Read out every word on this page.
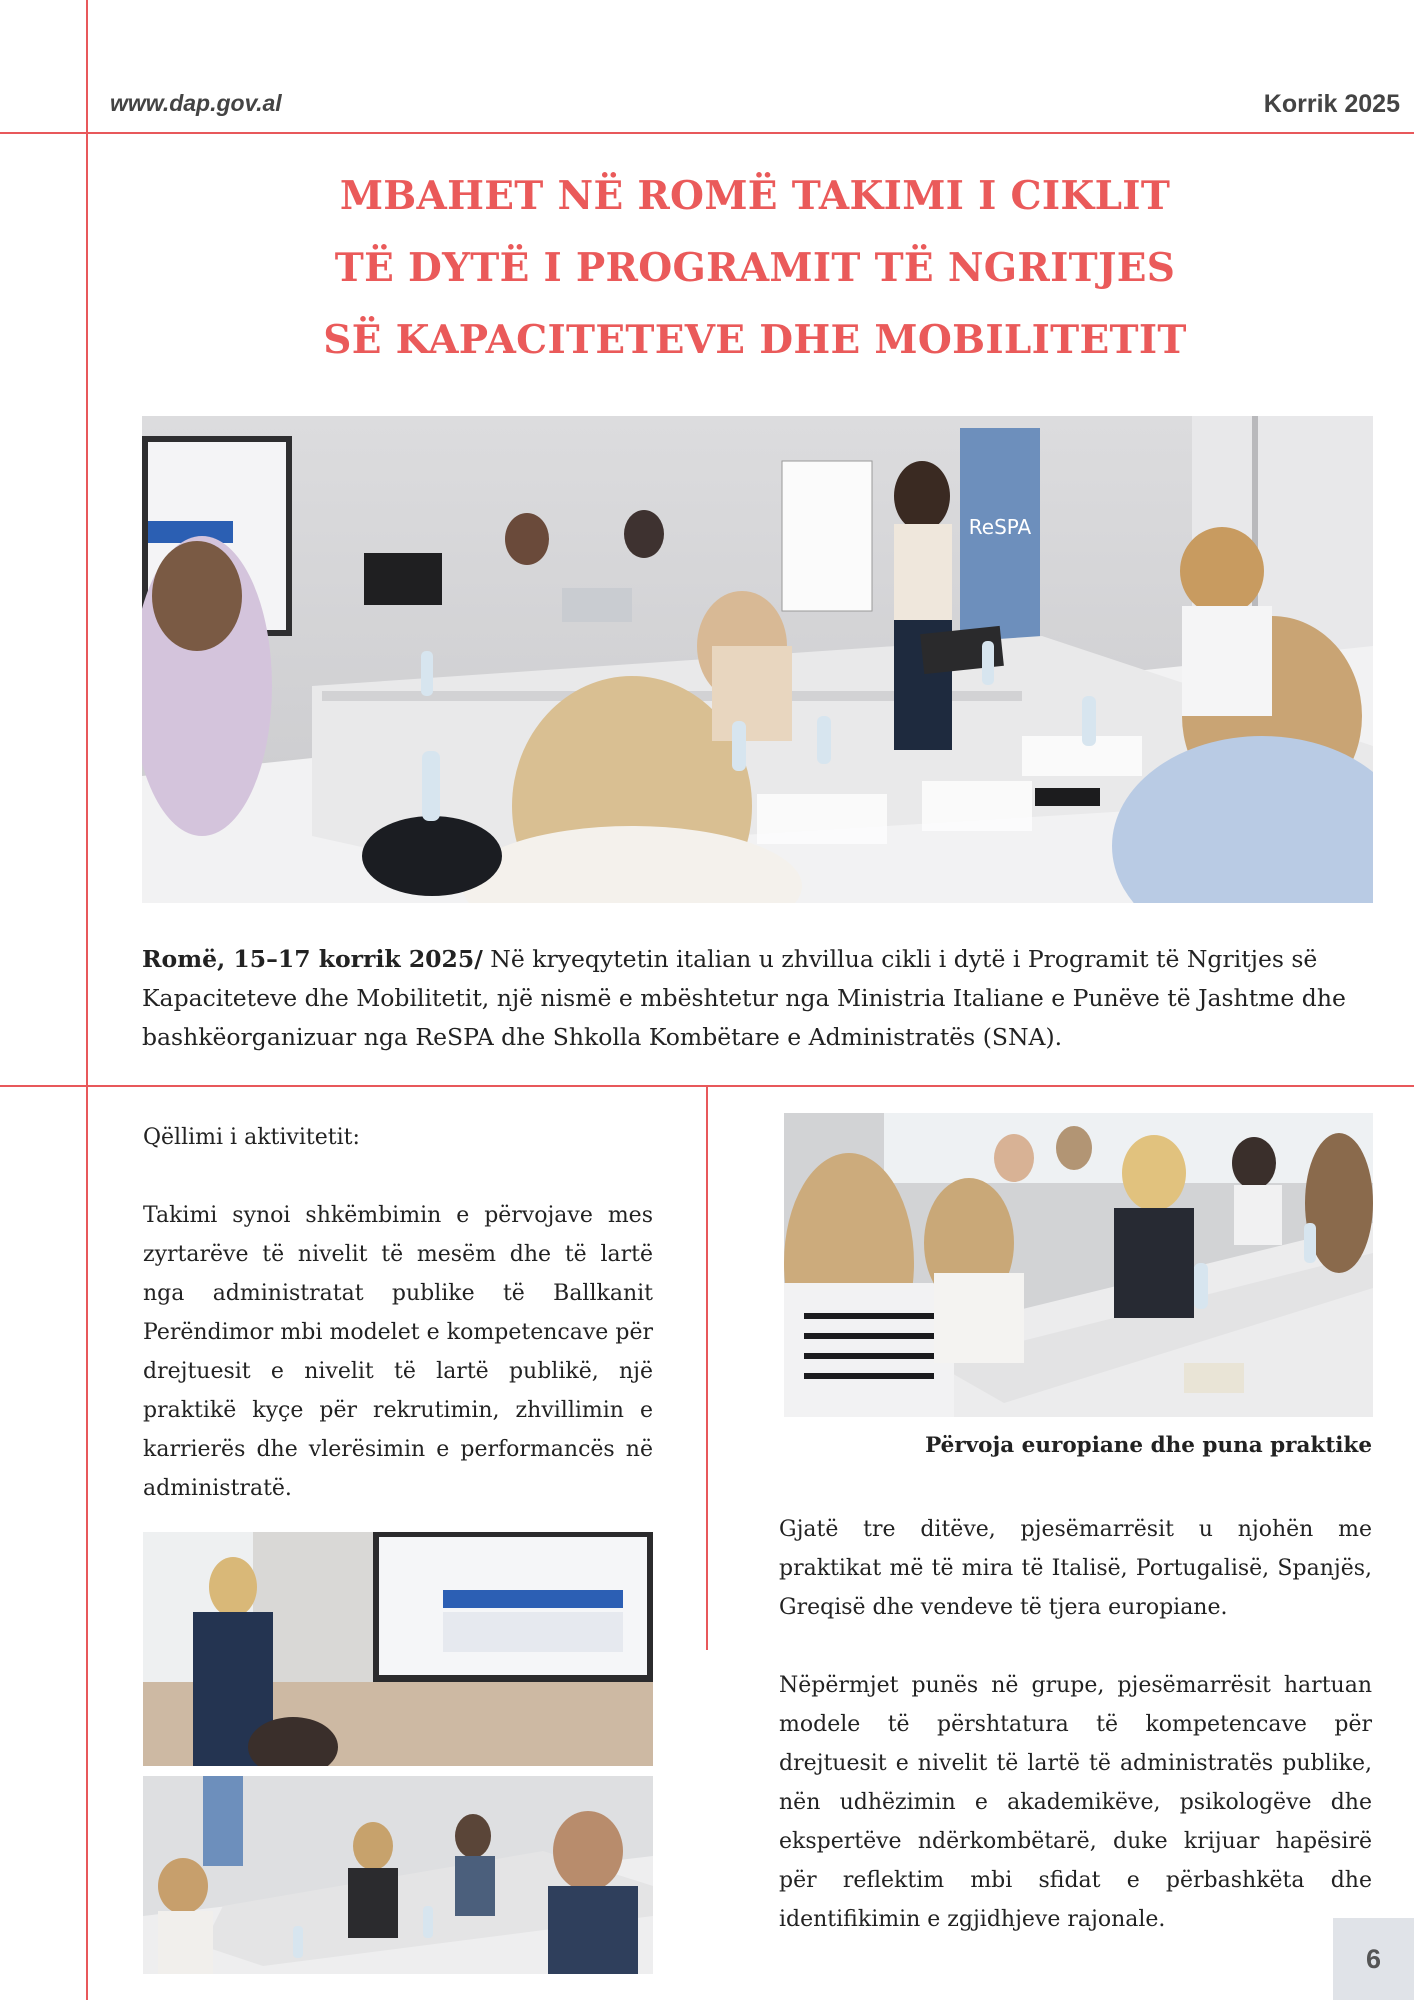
www.dap.gov.al	Korrik 2025
MBAHET NË ROMË TAKIMI I CIKLIT
TË DYTË I PROGRAMIT TË NGRITJES
SË KAPACITETEVE DHE MOBILITETIT
ReSPA
Romë, 15–17 korrik 2025/ Në kryeqytetin italian u zhvillua cikli i dytë i Programit të Ngritjes së Kapaciteteve dhe Mobilitetit, një nismë e mbështetur nga Ministria Italiane e Punëve të Jashtme dhe bashkëorganizuar nga ReSPA dhe Shkolla Kombëtare e Administratës (SNA).

Qëllimi i aktivitetit:

Takimi synoi shkëmbimin e përvojave mes zyrtarëve të nivelit të mesëm dhe të lartë nga administratat publike të Ballkanit Perëndimor mbi modelet e kompetencave për drejtuesit e nivelit të lartë publikë, një praktikë kyçe për rekrutimin, zhvillimin e karrierës dhe vlerësimin e performancës në administratë.

Përvoja europiane dhe puna praktike

Gjatë tre ditëve, pjesëmarrësit u njohën me praktikat më të mira të Italisë, Portugalisë, Spanjës, Greqisë dhe vendeve të tjera europiane.

Nëpërmjet punës në grupe, pjesëmarrësit hartuan modele të përshtatura të kompetencave për drejtuesit e nivelit të lartë të administratës publike, nën udhëzimin e akademikëve, psikologëve dhe ekspertëve ndërkombëtarë, duke krijuar hapësirë për reflektim mbi sfidat e përbashkëta dhe identifikimin e zgjidhjeve rajonale.

6
